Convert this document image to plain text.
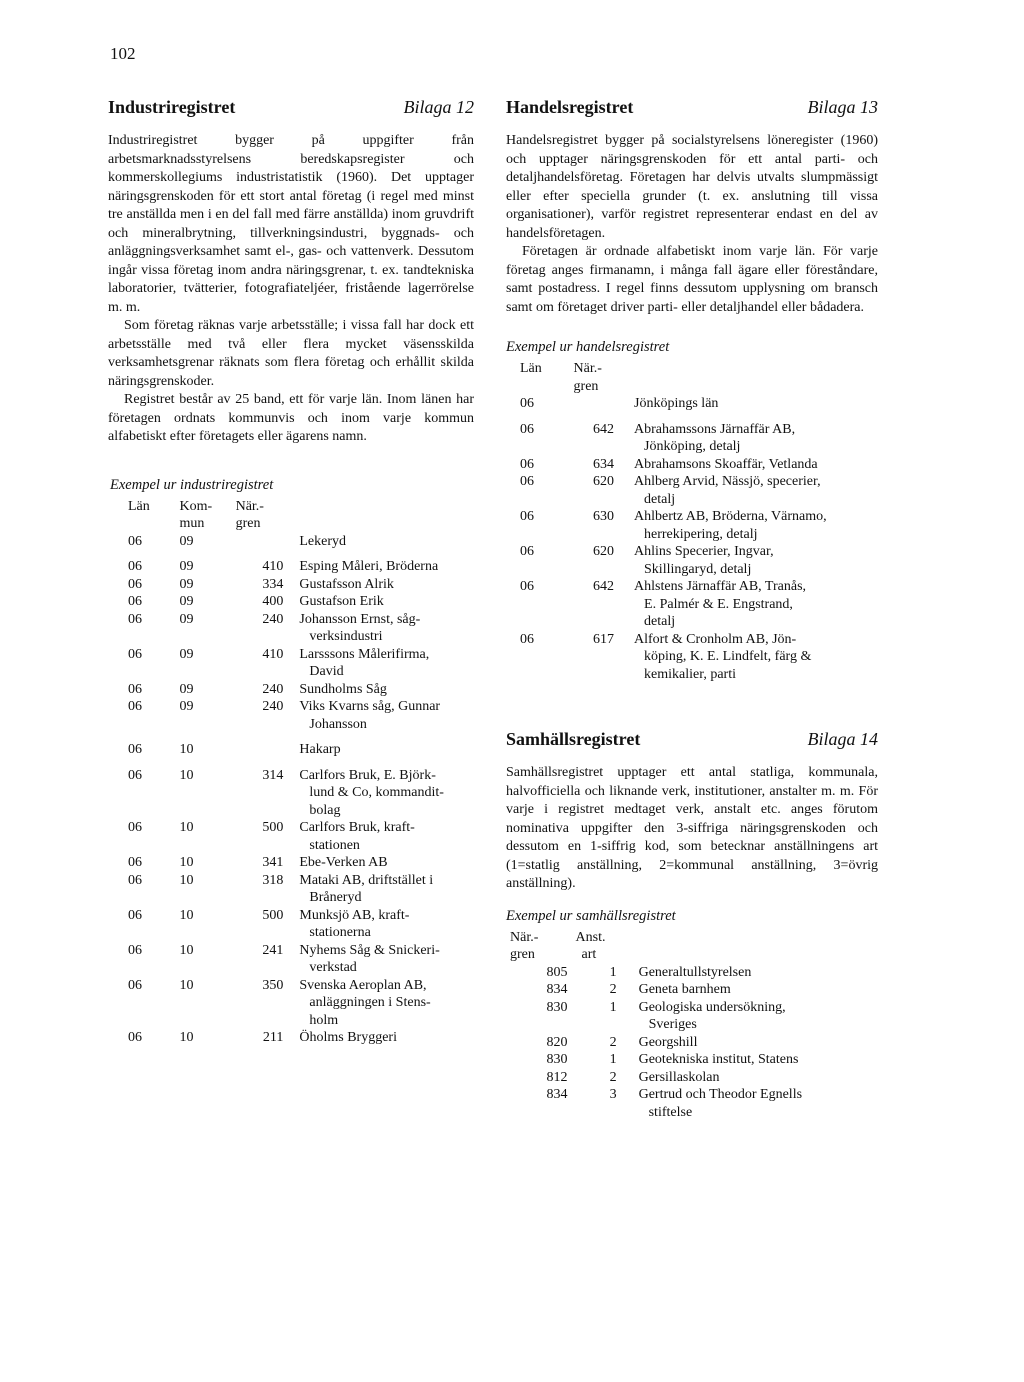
102
Industriregistret	Bilaga 12

Industriregistret bygger på uppgifter från arbetsmarknadsstyrelsens beredskapsregister och kommerskollegiums industristatistik (1960). Det upptager näringsgrenskoden för ett stort antal företag (i regel med minst tre anställda men i en del fall med färre anställda) inom gruvdrift och mineralbrytning, tillverkningsindustri, byggnads- och anläggningsverksamhet samt el-, gas- och vattenverk. Dessutom ingår vissa företag inom andra näringsgrenar, t. ex. tandtekniska laboratorier, tvätterier, fotografiateljéer, fristående lagerrörelse m. m.

Som företag räknas varje arbetsställe; i vissa fall har dock ett arbetsställe med två eller flera mycket väsensskilda verksamhetsgrenar räknats som flera företag och erhållit skilda näringsgrenskoder.

Registret består av 25 band, ett för varje län. Inom länen har företagen ordnats kommunvis och inom varje kommun alfabetiskt efter företagets eller ägarens namn.

Exempel ur industriregistret
Län	Kom-	När.-	
	mun	gren	
06	09		Lekeryd

06	09	410	Esping Måleri, Bröderna

06	09	334	Gustafsson Alrik

06	09	400	Gustafson Erik

06	09	240	Johansson Ernst, såg-
verksindustri

06	09	410	Larsssons Målerifirma,
David

06	09	240	Sundholms Såg

06	09	240	Viks Kvarns såg, Gunnar
Johansson

06	10		Hakarp

06	10	314	Carlfors Bruk, E. Björk-
lund & Co, kommandit-
bolag

06	10	500	Carlfors Bruk, kraft-
stationen

06	10	341	Ebe-Verken AB

06	10	318	Mataki AB, driftstället i
Bråneryd

06	10	500	Munksjö AB, kraft-
stationerna

06	10	241	Nyhems Såg & Snickeri-
verkstad

06	10	350	Svenska Aeroplan AB,
anläggningen i Stens-
holm

06	10	211	Öholms Bryggeri
Handelsregistret	Bilaga 13

Handelsregistret bygger på socialstyrelsens löneregister (1960) och upptager näringsgrenskoden för ett antal parti- och detaljhandelsföretag. Företagen har delvis utvalts slumpmässigt eller efter speciella grunder (t. ex. anslutning till vissa organisationer), varför registret representerar endast en del av handelsföretagen.

Företagen är ordnade alfabetiskt inom varje län. För varje företag anges firmanamn, i många fall ägare eller föreståndare, samt postadress. I regel finns dessutom upplysning om bransch samt om företaget driver parti- eller detaljhandel eller bådadera.

Exempel ur handelsregistret
Län	När.-	
	gren	
06		Jönköpings län

06	642	Abrahamssons Järnaffär AB,
Jönköping, detalj

06	634	Abrahamsons Skoaffär, Vetlanda

06	620	Ahlberg Arvid, Nässjö, specerier,
detalj

06	630	Ahlbertz AB, Bröderna, Värnamo,
herrekipering, detalj

06	620	Ahlins Specerier, Ingvar,
Skillingaryd, detalj

06	642	Ahlstens Järnaffär AB, Tranås,
E. Palmér & E. Engstrand,
detalj

06	617	Alfort & Cronholm AB, Jön-
köping, K. E. Lindfelt, färg &
kemikalier, parti
Samhällsregistret	Bilaga 14

Samhällsregistret upptager ett antal statliga, kommunala, halvofficiella och liknande verk, institutioner, anstalter m. m. För varje i registret medtaget verk, anstalt etc. anges förutom nominativa uppgifter den 3-siffriga näringsgrenskoden och dessutom en 1-siffrig kod, som betecknar anställningens art (1=statlig anställning, 2=kommunal anställning, 3=övrig anställning).

Exempel ur samhällsregistret
När.-	Anst.	
gren	art	
805	1	Generaltullstyrelsen

834	2	Geneta barnhem

830	1	Geologiska undersökning,
Sveriges

820	2	Georgshill

830	1	Geotekniska institut, Statens

812	2	Gersillaskolan

834	3	Gertrud och Theodor Egnells
stiftelse
